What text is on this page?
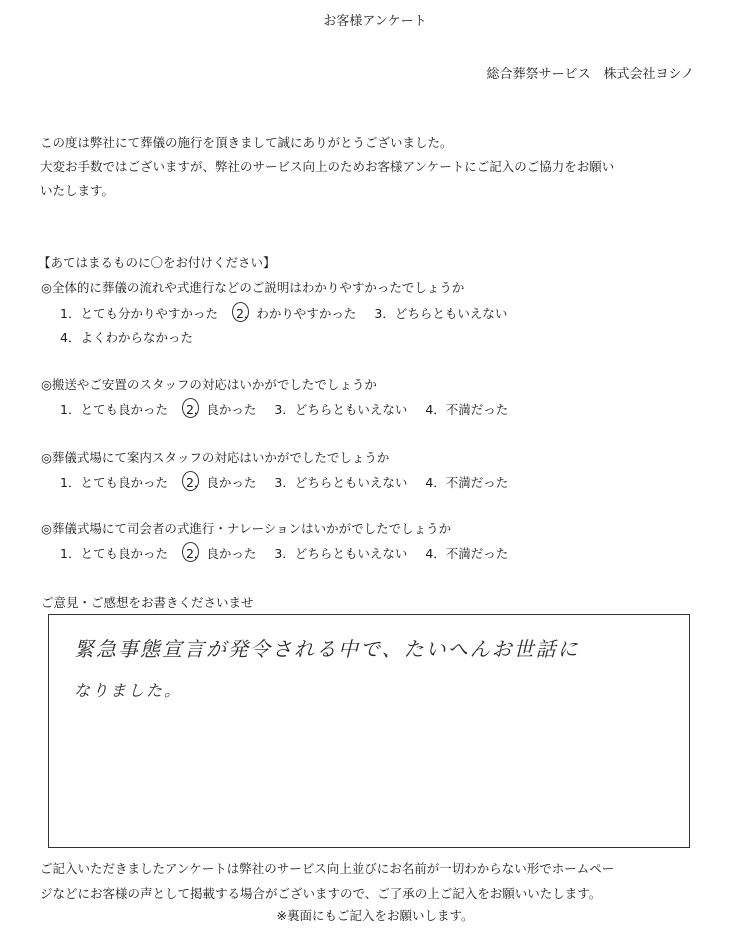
お客様アンケート
総合葬祭サービス　株式会社ヨシノ
この度は弊社にて葬儀の施行を頂きまして誠にありがとうございました。
大変お手数ではございますが、弊社のサービス向上のためお客様アンケートにご記入のご協力をお願い
いたします。
【あてはまるものに〇をお付けください】
◎全体的に葬儀の流れや式進行などのご説明はわかりやすかったでしょうか
1．とても分かりやすかった 2．わかりやすかった 3．どちらともいえない
4．よくわからなかった
◎搬送やご安置のスタッフの対応はいかがでしたでしょうか
1．とても良かった 2．良かった 3．どちらともいえない 4．不満だった
◎葬儀式場にて案内スタッフの対応はいかがでしたでしょうか
1．とても良かった 2．良かった 3．どちらともいえない 4．不満だった
◎葬儀式場にて司会者の式進行・ナレーションはいかがでしたでしょうか
1．とても良かった 2．良かった 3．どちらともいえない 4．不満だった
ご意見・ご感想をお書きくださいませ
緊急事態宣言が発令される中で、たいへんお世話に
なりました。
ご記入いただきましたアンケートは弊社のサービス向上並びにお名前が一切わからない形でホームペー
ジなどにお客様の声として掲載する場合がございますので、ご了承の上ご記入をお願いいたします。
※裏面にもご記入をお願いします。
